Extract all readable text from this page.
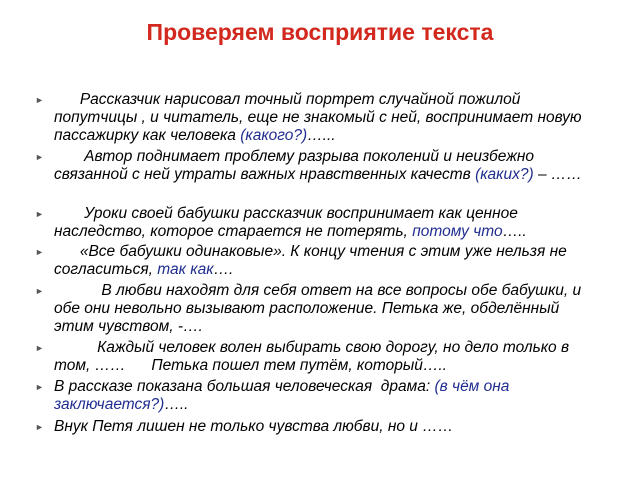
Проверяем восприятие текста
► Рассказчик нарисовал точный портрет случайной пожилой попутчицы , и читатель, еще не знакомый с ней, воспринимает новую пассажирку как человека (какого?)…...
►	Автор поднимает проблему разрыва поколений и неизбежно связанной с ней утраты важных нравственных качеств (каких?) – ……
►	Уроки своей бабушки рассказчик воспринимает как ценное наследство, которое старается не потерять, потому что…..
► «Все бабушки одинаковые». К концу чтения с этим уже нельзя не согласиться, так как….
►	В любви находят для себя ответ на все вопросы обе бабушки, и обе они невольно вызывают расположение. Петька же, обделённый этим чувством, -….
►	Каждый человек волен выбирать свою дорогу, но дело только в том, ……      Петька пошел тем путём, который…..
► В рассказе показана большая человеческая  драма: (в чём она заключается?)…..
► Внук Петя лишен не только чувства любви, но и ……
